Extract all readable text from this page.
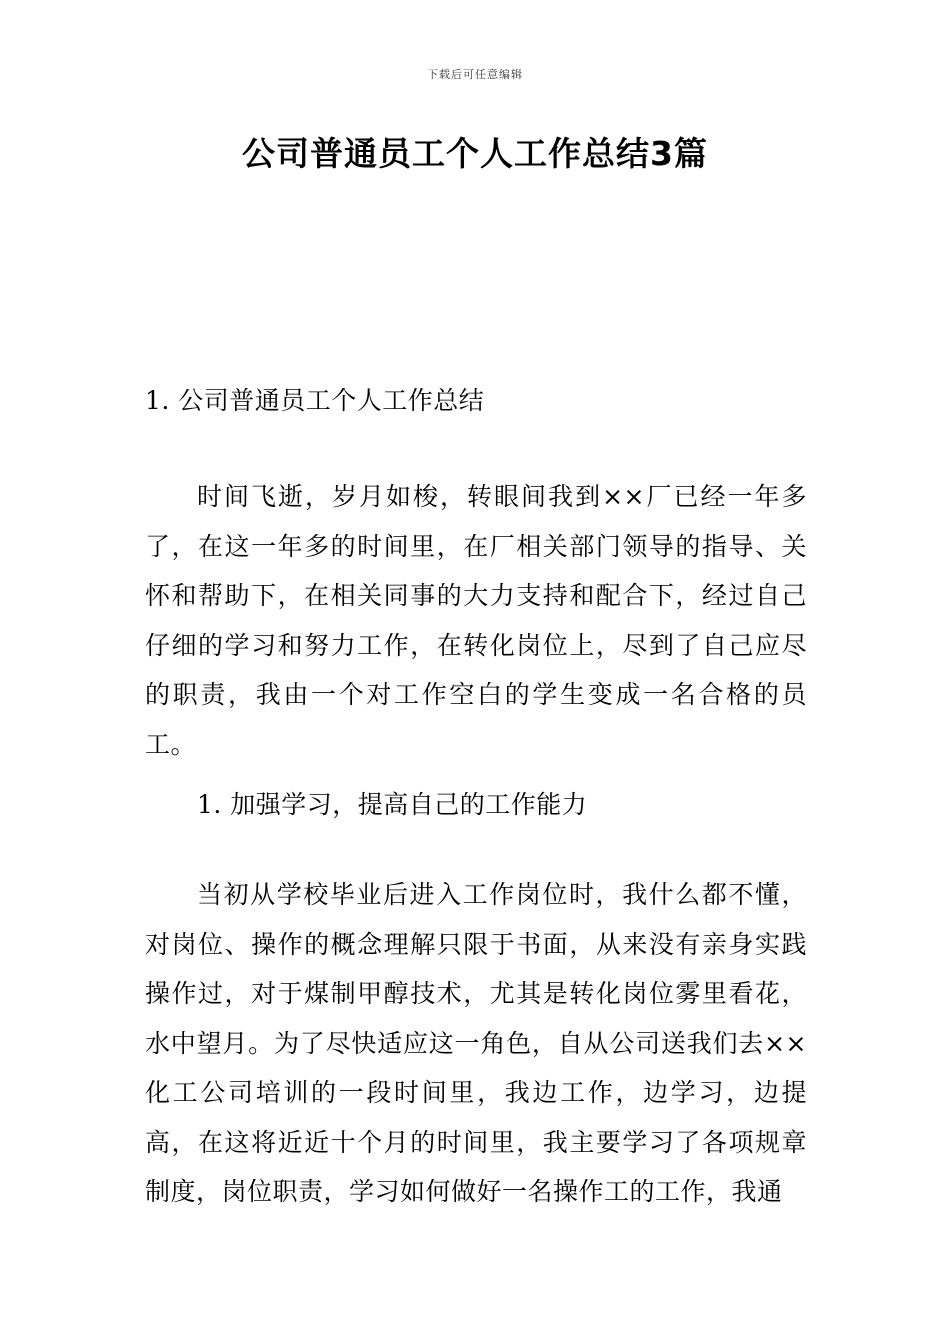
下载后可任意编辑
公司普通员工个人工作总结3篇

1. 公司普通员工个人工作总结

时间飞逝，岁月如梭，转眼间我到××厂已经一年多了，在这一年多的时间里，在厂相关部门领导的指导、关怀和帮助下，在相关同事的大力支持和配合下，经过自己仔细的学习和努力工作，在转化岗位上，尽到了自己应尽的职责，我由一个对工作空白的学生变成一名合格的员工。

1. 加强学习，提高自己的工作能力

当初从学校毕业后进入工作岗位时，我什么都不懂，对岗位、操作的概念理解只限于书面，从来没有亲身实践操作过，对于煤制甲醇技术，尤其是转化岗位雾里看花，水中望月。为了尽快适应这一角色，自从公司送我们去××化工公司培训的一段时间里，我边工作，边学习，边提高，在这将近近十个月的时间里，我主要学习了各项规章制度，岗位职责，学习如何做好一名操作工的工作，我通
